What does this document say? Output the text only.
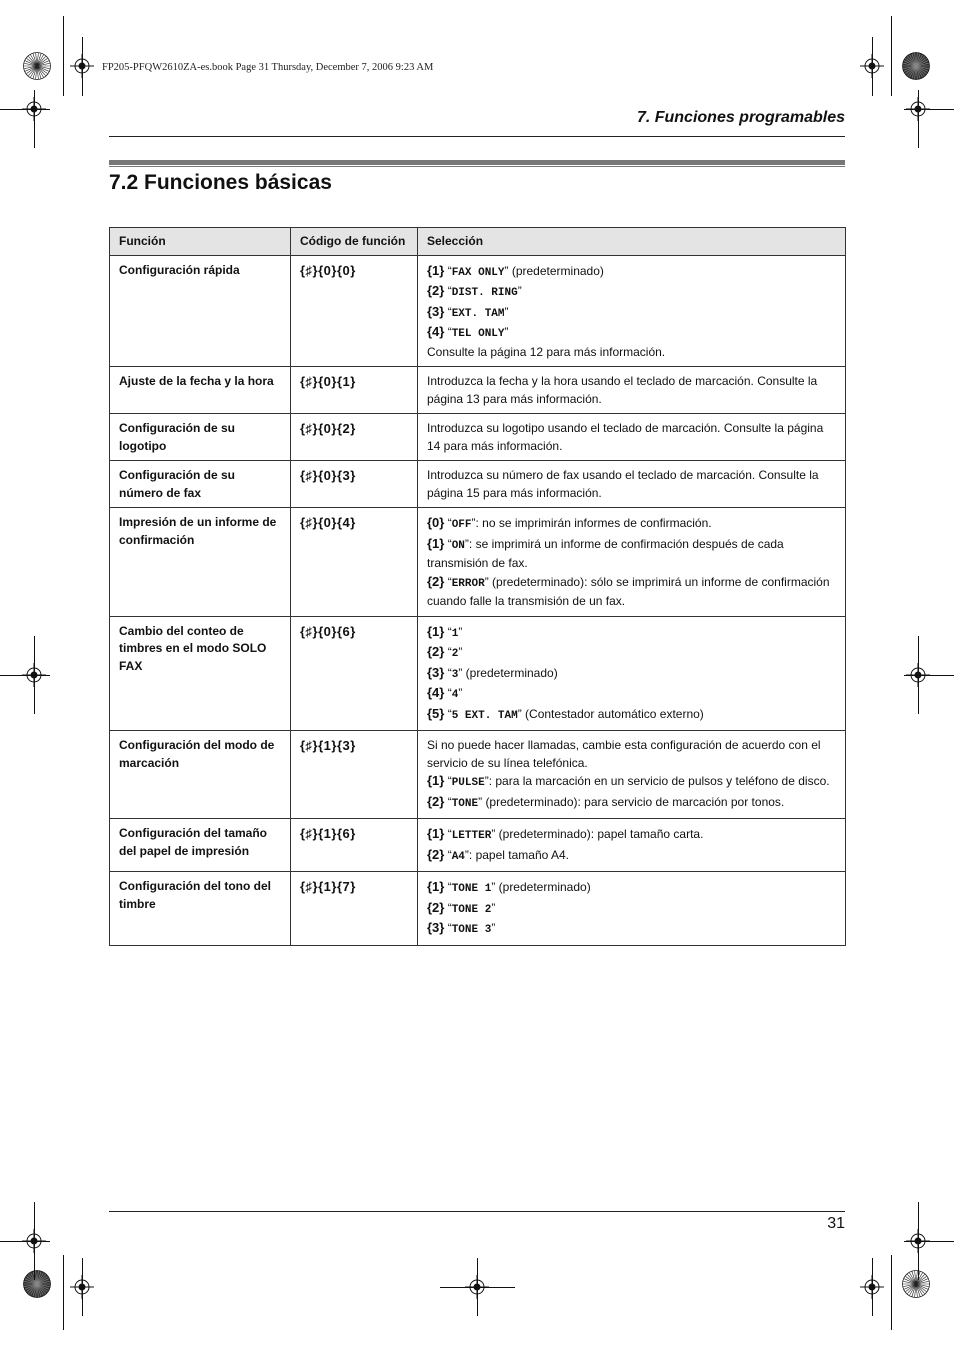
FP205-PFQW2610ZA-es.book Page 31 Thursday, December 7, 2006 9:23 AM
7. Funciones programables
7.2 Funciones básicas
Función	Código de función	Selección
Configuración rápida	{♯}{0}{0}	{1} “FAX ONLY” (predeterminado)
{2} “DIST. RING”
{3} “EXT. TAM”
{4} “TEL ONLY”
Consulte la página 12 para más información.

Ajuste de la fecha y la hora	{♯}{0}{1}	Introduzca la fecha y la hora usando el teclado de marcación. Consulte la página 13 para más información.

Configuración de su logotipo	{♯}{0}{2}	Introduzca su logotipo usando el teclado de marcación. Consulte la página 14 para más información.

Configuración de su número de fax	{♯}{0}{3}	Introduzca su número de fax usando el teclado de marcación. Consulte la página 15 para más información.

Impresión de un informe de confirmación	{♯}{0}{4}	{0} “OFF”: no se imprimirán informes de confirmación.
{1} “ON”: se imprimirá un informe de confirmación después de cada transmisión de fax.
{2} “ERROR” (predeterminado): sólo se imprimirá un informe de confirmación cuando falle la transmisión de un fax.

Cambio del conteo de timbres en el modo SOLO FAX	{♯}{0}{6}	{1} “1”
{2} “2”
{3} “3” (predeterminado)
{4} “4”
{5} “5 EXT. TAM” (Contestador automático externo)

Configuración del modo de marcación	{♯}{1}{3}	Si no puede hacer llamadas, cambie esta configuración de acuerdo con el servicio de su línea telefónica.
{1} “PULSE”: para la marcación en un servicio de pulsos y teléfono de disco.
{2} “TONE” (predeterminado): para servicio de marcación por tonos.

Configuración del tamaño del papel de impresión	{♯}{1}{6}	{1} “LETTER” (predeterminado): papel tamaño carta.
{2} “A4”: papel tamaño A4.

Configuración del tono del timbre	{♯}{1}{7}	{1} “TONE 1” (predeterminado)
{2} “TONE 2”
{3} “TONE 3”
31
